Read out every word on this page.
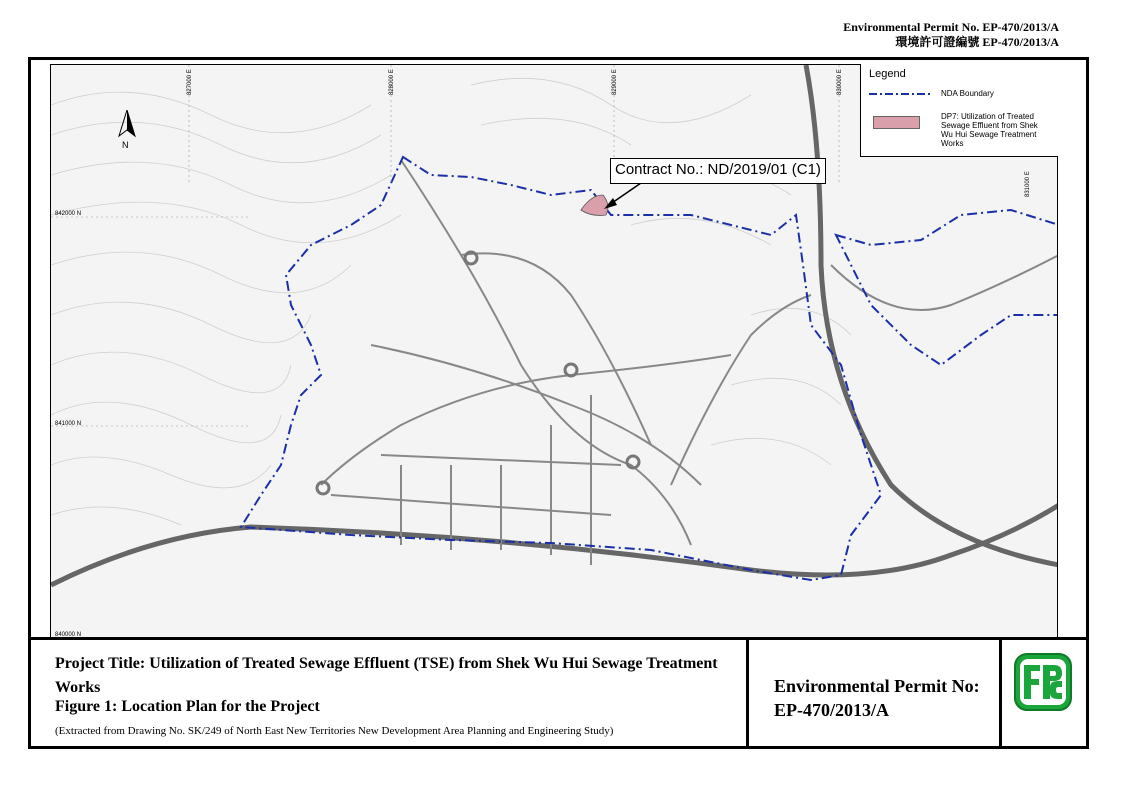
Environmental Permit No. EP-470/2013/A
環境許可證編號 EP-470/2013/A
827000 E	828000 E	829000 E	830000 E
831000 E
842000 N
841000 N
840000 N
N
Legend
NDA Boundary
DP7: Utilization of Treated Sewage Effluent from Shek Wu Hui Sewage Treatment Works
Contract No.: ND/2019/01 (C1)
Project Title: Utilization of Treated Sewage Effluent (TSE) from Shek Wu Hui Sewage Treatment Works
Figure 1: Location Plan for the Project
(Extracted from Drawing No. SK/249 of North East New Territories New Development Area Planning and Engineering Study)
Environmental Permit No:
EP-470/2013/A
